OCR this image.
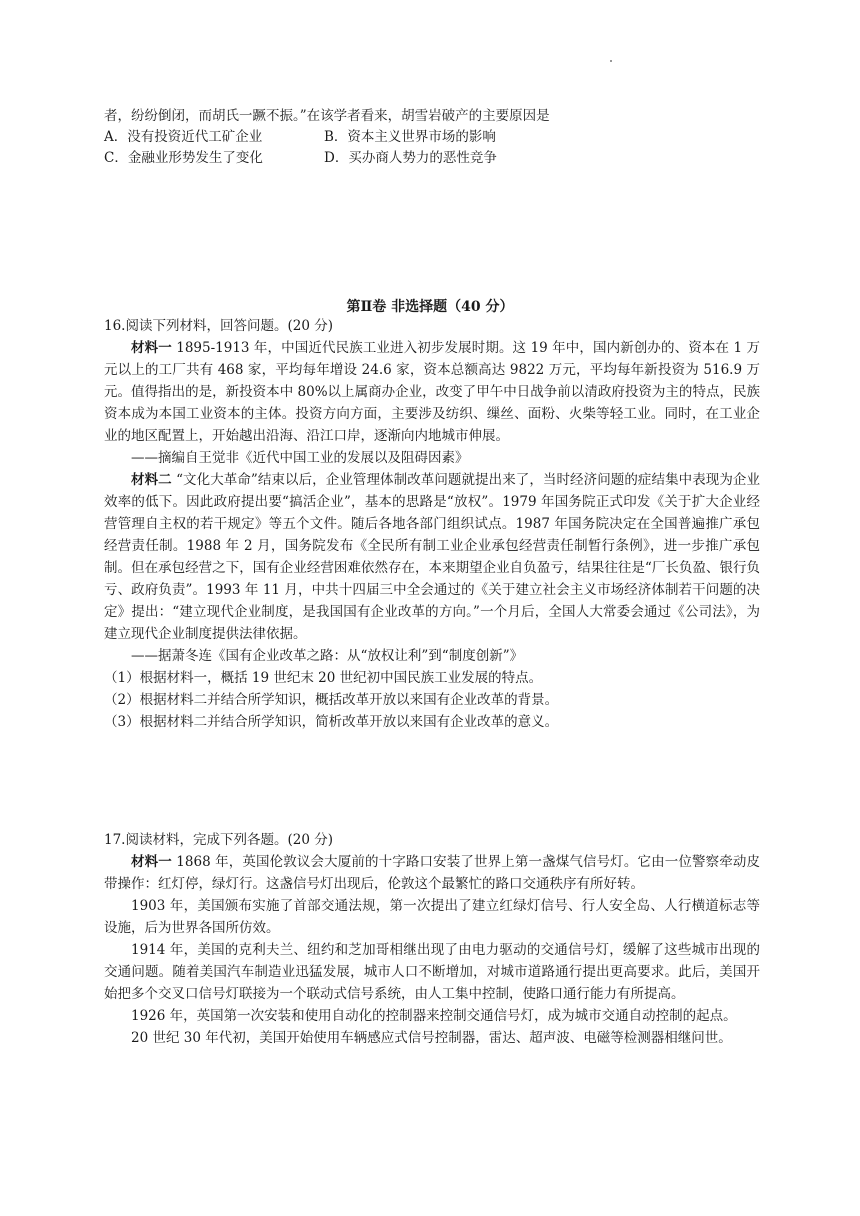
者，纷纷倒闭，而胡氏一蹶不振。”在该学者看来，胡雪岩破产的主要原因是
A．没有投资近代工矿企业	B．资本主义世界市场的影响
C．金融业形势发生了变化	D．买办商人势力的恶性竞争
第Ⅱ卷 非选择题（40 分）

16.阅读下列材料，回答问题。(20 分)

材料一 1895-1913 年，中国近代民族工业进入初步发展时期。这 19 年中，国内新创办的、资本在 1 万元以上的工厂共有 468 家，平均每年增设 24.6 家，资本总额高达 9822 万元，平均每年新投资为 516.9 万元。值得指出的是，新投资本中 80%以上属商办企业，改变了甲午中日战争前以清政府投资为主的特点，民族资本成为本国工业资本的主体。投资方向方面，主要涉及纺织、缫丝、面粉、火柴等轻工业。同时，在工业企业的地区配置上，开始越出沿海、沿江口岸，逐渐向内地城市伸展。

——摘编自王觉非《近代中国工业的发展以及阻碍因素》

材料二 “文化大革命”结束以后，企业管理体制改革问题就提出来了，当时经济问题的症结集中表现为企业效率的低下。因此政府提出要“搞活企业”，基本的思路是“放权”。1979 年国务院正式印发《关于扩大企业经营管理自主权的若干规定》等五个文件。随后各地各部门组织试点。1987 年国务院决定在全国普遍推广承包经营责任制。1988 年 2 月，国务院发布《全民所有制工业企业承包经营责任制暂行条例》，进一步推广承包制。但在承包经营之下，国有企业经营困难依然存在，本来期望企业自负盈亏，结果往往是“厂长负盈、银行负亏、政府负责”。1993 年 11 月，中共十四届三中全会通过的《关于建立社会主义市场经济体制若干问题的决定》提出：“建立现代企业制度，是我国国有企业改革的方向。”一个月后，全国人大常委会通过《公司法》，为建立现代企业制度提供法律依据。

——据萧冬连《国有企业改革之路：从“放权让利”到“制度创新”》

（1）根据材料一，概括 19 世纪末 20 世纪初中国民族工业发展的特点。

（2）根据材料二并结合所学知识，概括改革开放以来国有企业改革的背景。

（3）根据材料二并结合所学知识，简析改革开放以来国有企业改革的意义。

17.阅读材料，完成下列各题。(20 分)

材料一 1868 年，英国伦敦议会大厦前的十字路口安装了世界上第一盏煤气信号灯。它由一位警察牵动皮带操作：红灯停，绿灯行。这盏信号灯出现后，伦敦这个最繁忙的路口交通秩序有所好转。

1903 年，美国颁布实施了首部交通法规，第一次提出了建立红绿灯信号、行人安全岛、人行横道标志等设施，后为世界各国所仿效。

1914 年，美国的克利夫兰、纽约和芝加哥相继出现了由电力驱动的交通信号灯，缓解了这些城市出现的交通问题。随着美国汽车制造业迅猛发展，城市人口不断增加，对城市道路通行提出更高要求。此后，美国开始把多个交叉口信号灯联接为一个联动式信号系统，由人工集中控制，使路口通行能力有所提高。

1926 年，英国第一次安装和使用自动化的控制器来控制交通信号灯，成为城市交通自动控制的起点。

20 世纪 30 年代初，美国开始使用车辆感应式信号控制器，雷达、超声波、电磁等检测器相继问世。
